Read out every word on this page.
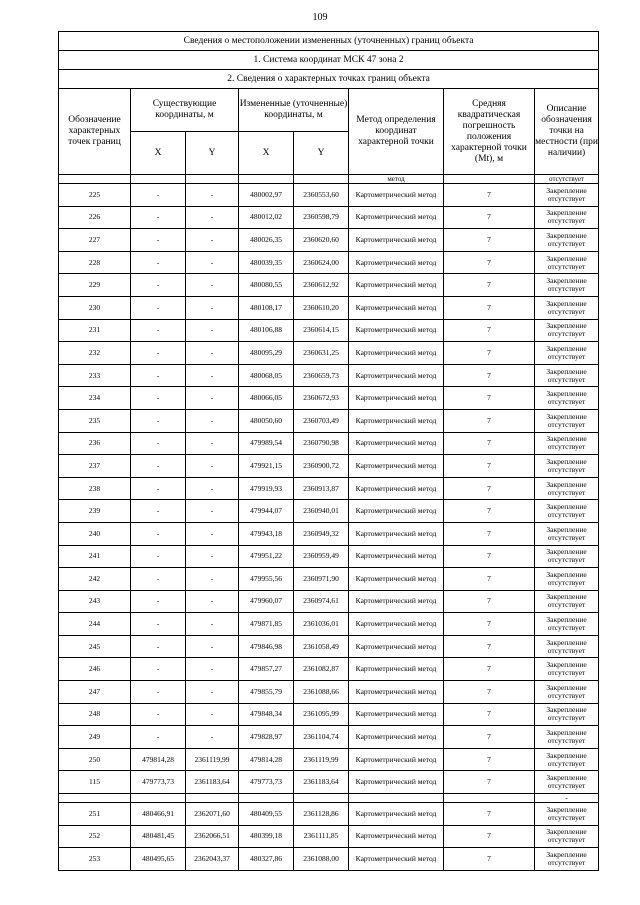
109
Сведения о местоположении измененных (уточненных) границ объекта							
1. Система координат МСК 47 зона 2							
2. Сведения о характерных точках границ объекта							
Обозначение характерных точек границ	Существующие координаты, м		Измененные (уточненные) координаты, м		Метод определения координат характерной точки	Средняя квадратическая погрешность положения характерной точки (Mt), м	Описание обозначения точки на местности (при наличии)
	X	Y	X	Y			
					метод		отсутствует
225	-	-	480002,97	2360553,60	Картометрический метод	7	Закрепление отсутствует
226	-	-	480012,02	2360598,79	Картометрический метод	7	Закрепление отсутствует
227	-	-	480026,35	2360620,60	Картометрический метод	7	Закрепление отсутствует
228	-	-	480039,35	2360624,00	Картометрический метод	7	Закрепление отсутствует
229	-	-	480080,55	2360612,92	Картометрический метод	7	Закрепление отсутствует
230	-	-	480108,17	2360610,20	Картометрический метод	7	Закрепление отсутствует
231	-	-	480106,88	2360614,15	Картометрический метод	7	Закрепление отсутствует
232	-	-	480095,29	2360631,25	Картометрический метод	7	Закрепление отсутствует
233	-	-	480068,05	2360659,73	Картометрический метод	7	Закрепление отсутствует
234	-	-	480066,05	2360672,93	Картометрический метод	7	Закрепление отсутствует
235	-	-	480050,60	2360703,49	Картометрический метод	7	Закрепление отсутствует
236	-	-	479989,54	2360790,98	Картометрический метод	7	Закрепление отсутствует
237	-	-	479921,15	2360900,72	Картометрический метод	7	Закрепление отсутствует
238	-	-	479919,93	2360913,87	Картометрический метод	7	Закрепление отсутствует
239	-	-	479944,07	2360940,01	Картометрический метод	7	Закрепление отсутствует
240	-	-	479943,18	2360949,32	Картометрический метод	7	Закрепление отсутствует
241	-	-	479951,22	2360959,49	Картометрический метод	7	Закрепление отсутствует
242	-	-	479955,56	2360971,90	Картометрический метод	7	Закрепление отсутствует
243	-	-	479960,07	2360974,61	Картометрический метод	7	Закрепление отсутствует
244	-	-	479871,85	2361036,01	Картометрический метод	7	Закрепление отсутствует
245	-	-	479846,98	2361058,49	Картометрический метод	7	Закрепление отсутствует
246	-	-	479857,27	2361082,87	Картометрический метод	7	Закрепление отсутствует
247	-	-	479855,79	2361088,66	Картометрический метод	7	Закрепление отсутствует
248	-	-	479848,34	2361095,99	Картометрический метод	7	Закрепление отсутствует
249	-	-	479828,97	2361104,74	Картометрический метод	7	Закрепление отсутствует
250	479814,28	2361119,99	479814,28	2361119,99	Картометрический метод	7	Закрепление отсутствует
115	479773,73	2361183,64	479773,73	2361183,64	Картометрический метод	7	Закрепление отсутствует
							-
251	480466,91	2362071,60	480409,55	2361128,86	Картометрический метод	7	Закрепление отсутствует
252	480481,45	2362066,51	480399,18	2361111,85	Картометрический метод	7	Закрепление отсутствует
253	480495,65	2362043,37	480327,86	2361088,00	Картометрический метод	7	Закрепление отсутствует
